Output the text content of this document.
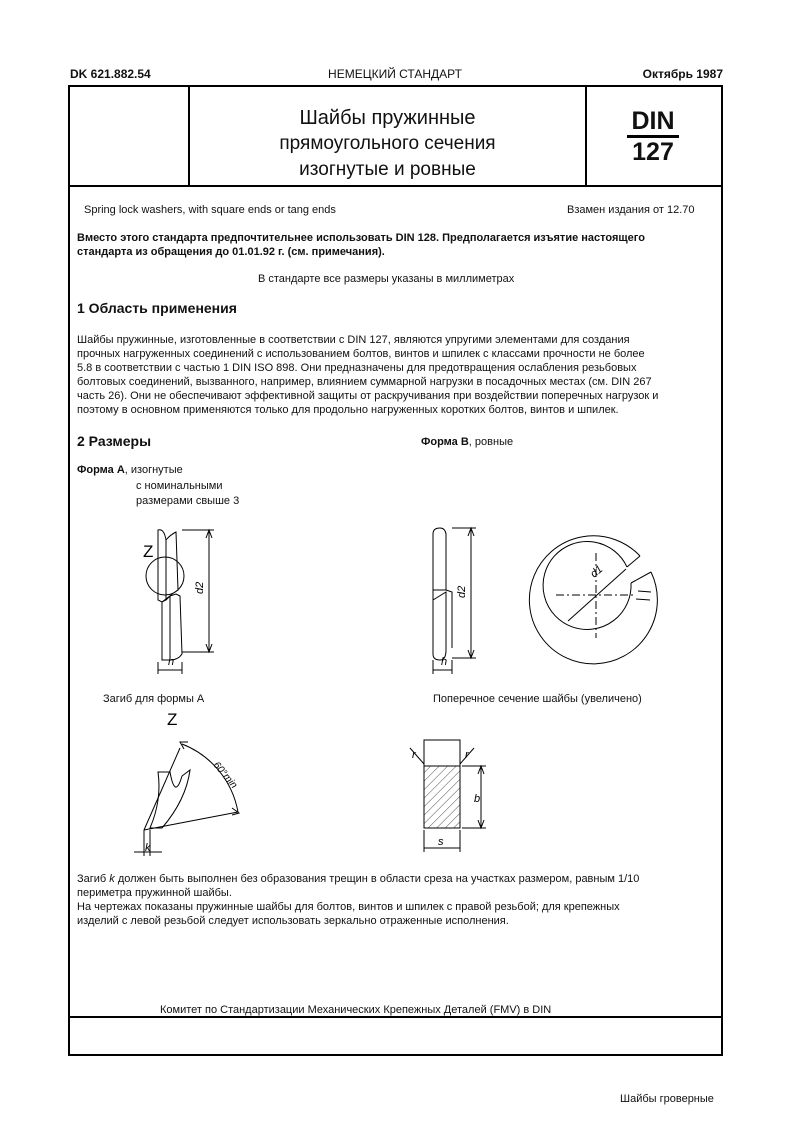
DK 621.882.54	НЕМЕЦКИЙ СТАНДАРТ	Октябрь 1987
Шайбы пружинные
прямоугольного сечения
изогнутые и ровные
DIN
127
Spring lock washers, with square ends or tang ends	Взамен издания от 12.70
Вместо этого стандарта предпочтительнее использовать DIN 128. Предполагается изъятие настоящего
стандарта из обращения до 01.01.92 г. (см. примечания).
В стандарте все размеры указаны в миллиметрах
1 Область применения
Шайбы пружинные, изготовленные в соответствии с DIN 127, являются упругими элементами для создания
прочных нагруженных соединений с использованием болтов, винтов и шпилек с классами прочности не более
5.8 в соответствии с частью 1 DIN ISO 898. Они предназначены для предотвращения ослабления резьбовых
болтовых соединений, вызванного, например, влиянием суммарной нагрузки в посадочных местах (см. DIN 267
часть 26). Они не обеспечивают эффективной защиты от раскручивания при воздействии поперечных нагрузок и
поэтому в основном применяются только для продольно нагруженных коротких болтов, винтов и шпилек.
2 Размеры	Форма В, ровные
Форма А, изогнутые
с номинальными
размерами свыше 3
Z
d2
h
d2
h
d1
Z
60°min
k
r	r
b
s
Загиб для формы А	Поперечное сечение шайбы (увеличено)
Загиб k должен быть выполнен без образования трещин в области среза на участках размером, равным 1/10
периметра пружинной шайбы.
На чертежах показаны пружинные шайбы для болтов, винтов и шпилек с правой резьбой; для крепежных
изделий с левой резьбой следует использовать зеркально отраженные исполнения.
Комитет по Стандартизации Механических Крепежных Деталей (FMV) в DIN
Шайбы гроверные
